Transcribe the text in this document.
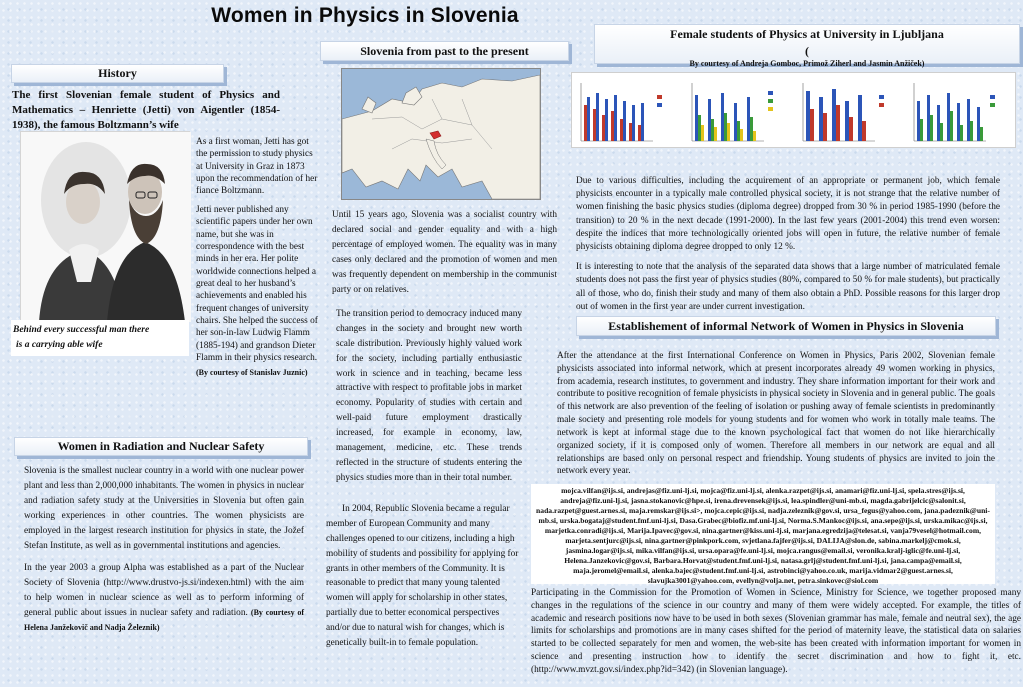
Women in Physics in Slovenia
History
The first Slovenian female student of Physics and Mathematics – Henriette (Jetti) von Aigentler (1854-1938), the famous Boltzmann’s wife
Behind every successful man there
is a carrying able wife

As a first woman, Jetti has got the permission to study physics at University in Graz in 1873 upon the recommendation of her fiance Boltzmann.

Jetti never published any scientific papers under her own name, but she was in correspondence with the best minds in her era. Her polite worldwide connections helped a great deal to her husband’s achievements and enabled his frequent changes of university chairs. She helped the success of her son-in-law Ludwig Flamm (1885-194) and grandson Dieter Flamm in their physics research.

(By courtesy of Stanislav Juznic)
Women in Radiation and Nuclear Safety

Slovenia is the smallest nuclear country in a world with one nuclear power plant and less than 2,000,000 inhabitants. The women in physics in nuclear and radiation safety study at the Universities in Slovenia but often gain working experiences in other countries. The women physicists are employed in the largest research institution for physics in state, the Jožef Stefan Institute, as well as in governmental institutions and agencies.

In the year 2003 a group Alpha was established as a part of the Nuclear Society of Slovenia (http://www.drustvo-js.si/indexen.html) with the aim to help women in nuclear science as well as to perform informing of general public about issues in nuclear safety and radiation. (By courtesy of Helena Janžekovič and Nadja Železnik)

Slovenia from past to the present
Until 15 years ago, Slovenia was a socialist country with declared social and gender equality and with a high percentage of employed women. The equality was in many cases only declared and the promotion of women and men was frequently dependent on membership in the communist party or on relatives.
The transition period to democracy induced many changes in the society and brought new worth scale distribution. Previously highly valued work for the society, including partially enthusiastic work in science and in teaching, became less attractive with respect to profitable jobs in market economy. Popularity of studies with certain and well-paid future employment drastically increased, for example in economy, law, management, medicine, etc. These trends reflected in the structure of students entering the physics studies more than in their total number.
In 2004, Republic Slovenia became a regular member of European Community and many challenges opened to our citizens, including a high mobility of students and possibility for applying for grants in other members of the Community. It is reasonable to predict that many young talented women will apply for scholarship in other states, partially due to better economical perspectives and/or due to natural wish for changes, which is genetically built-in to female population.
Female students of Physics at University in Ljubljana
(
By courtesy of Andreja Gomboc, Primož Ziherl and Jasmin Anžiček)

Due to various difficulties, including the acquirement of an appropriate or permanent job, which female physicists encounter in a typically male controlled physical society, it is not strange that the relative number of women finishing the basic physics studies (diploma degree) dropped from 30 % in period 1985-1990 (before the transition) to 20 % in the next decade (1991-2000). In the last few years (2001-2004) this trend even worsen: despite the indices that more technologically oriented jobs will open in future, the relative number of female physicists obtaining diploma degree dropped to only 12 %.

It is interesting to note that the analysis of the separated data shows that a large number of matriculated female students does not pass the first year of physics studies (80%, compared to 50 % for male students), but practically all of those, who do, finish their study and many of them also obtain a PhD. Possible reasons for this larger drop out of women in the first year are under current investigation.

Establishement of informal Network of Women in Physics in Slovenia
After the attendance at the first International Conference on Women in Physics, Paris 2002, Slovenian female physicists associated into informal network, which at present incorporates already 49 women working in physics, from academia, research institutes, to government and industry. They share information important for their work and contribute to positive recognition of female physicists in physical society in Slovenia and in general public. The goals of this network are also prevention of the feeling of isolation or pushing away of female scientists in predominantly male society and presenting role models for young students and for women who work in totally male teams. The network is kept at informal stage due to the known psychological fact that women do not like hierarchically organized society, if it is composed only of women. Therefore all members in our network are equal and all relationships are based only on personal respect and friendship. Young students of physics are invited to join the network every year.
mojca.vilfan@ijs.si, andrejas@fiz.uni-lj.si, mojca@fiz.uni-lj.si, alenka.razpet@ijs.si, anamari@fiz.uni-lj.si, spela.stres@ijs.si, andreja@fiz.uni-lj.si, jasna.stokanovic@hpe.si, irena.drevensek@ijs.si, lea.spindler@uni-mb.si, magda.gabrijelcic@salonit.si, nada.razpet@guest.arnes.si, maja.remskar@ijs.si>, mojca.cepic@ijs.si, nadja.zeleznik@gov.si, ursa_fegus@yahoo.com, jana.padeznik@uni-mb.si, urska.bogataj@student.fmf.uni-lj.si, Dasa.Grabec@biofiz.mf.uni-lj.si, Norma.S.Mankoc@ijs.si, ana.sepe@ijs.si, urska.mikac@ijs.si, marjetka.conradi@ijs.si, Marija.Ipavec@gov.si, nina.gartner@kiss.uni-lj.si, marjana.egredzija@telesat.si, vanja79vesel@hotmail.com, marjeta.sentjurc@ijs.si, nina.gartner@pinkpork.com, svjetlana.fajfer@ijs.si, DALIJA@slon.de, sabina.markelj@cmok.si, jasmina.logar@ijs.si, mika.vilfan@ijs.si, ursa.opara@fe.uni-lj.si, mojca.rangus@email.si, veronika.kralj-iglic@fe.uni-lj.si, Helena.Janzekovic@gov.si, Barbara.Horvat@student.fmf.uni-lj.si, natasa.grlj@student.fmf.uni-lj.si, jana.campa@email.si, maja.jeromel@email.si, alenka.bajec@student.fmf.uni-lj.si, astrobinci@yahoo.co.uk, marija.vidmar2@guest.arnes.si, slavujka3001@yahoo.com, evellyn@volja.net, petra.sinkovec@siol.com
Participating in the Commission for the Promotion of Women in Science, Ministry for Science, we together proposed many changes in the regulations of the science in our country and many of them were widely accepted. For example, the titles of academic and research positions now have to be used in both sexes (Slovenian grammar has male, female and neutral sex), the age limits for scholarships and promotions are in many cases shifted for the period of maternity leave, the statistical data on salaries started to be collected separately for men and women, the web-site has been created with information important for women in science and presenting instruction how to identify the secret discrimination and how to fight it, etc. (http://www.mvzt.gov.si/index.php?id=342) (in Slovenian language).
